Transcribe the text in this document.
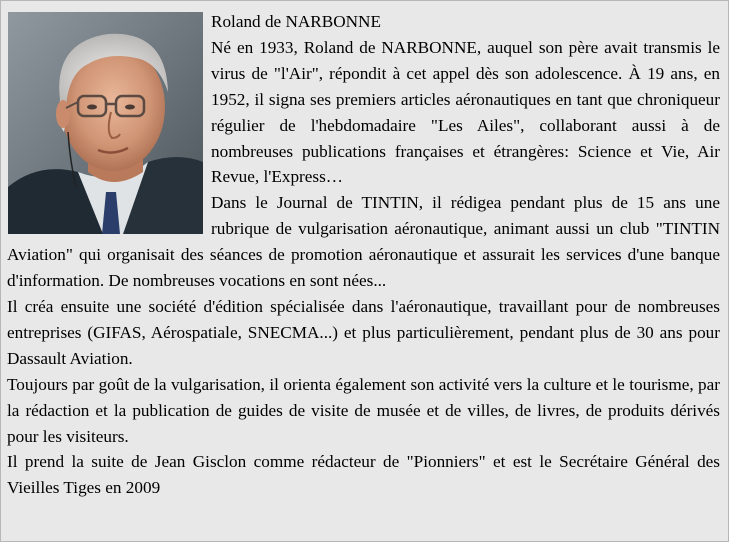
Roland de NARBONNE

Né en 1933, Roland de NARBONNE, auquel son père avait transmis le virus de "l'Air", répondit à cet appel dès son adolescence. À 19 ans, en 1952, il signa ses premiers articles aéronautiques en tant que chroniqueur régulier de l'hebdomadaire "Les Ailes", collaborant aussi à de nombreuses publications françaises et étrangères: Science et Vie, Air Revue, l'Express…

Dans le Journal de TINTIN, il rédigea pendant plus de 15 ans une rubrique de vulgarisation aéronautique, animant aussi un club "TINTIN Aviation" qui organisait des séances de promotion aéronautique et assurait les services d'une banque d'information. De nombreuses vocations en sont nées...

Il créa ensuite une société d'édition spécialisée dans l'aéronautique, travaillant pour de nombreuses entreprises (GIFAS, Aérospatiale, SNECMA...) et plus particulièrement, pendant plus de 30 ans pour Dassault Aviation.

Toujours par goût de la vulgarisation, il orienta également son activité vers la culture et le tourisme, par la rédaction et la publication de guides de visite de musée et de villes, de livres, de produits dérivés pour les visiteurs.

Il prend la suite de Jean Gisclon comme rédacteur de "Pionniers" et est le Secrétaire Général des Vieilles Tiges en 2009
